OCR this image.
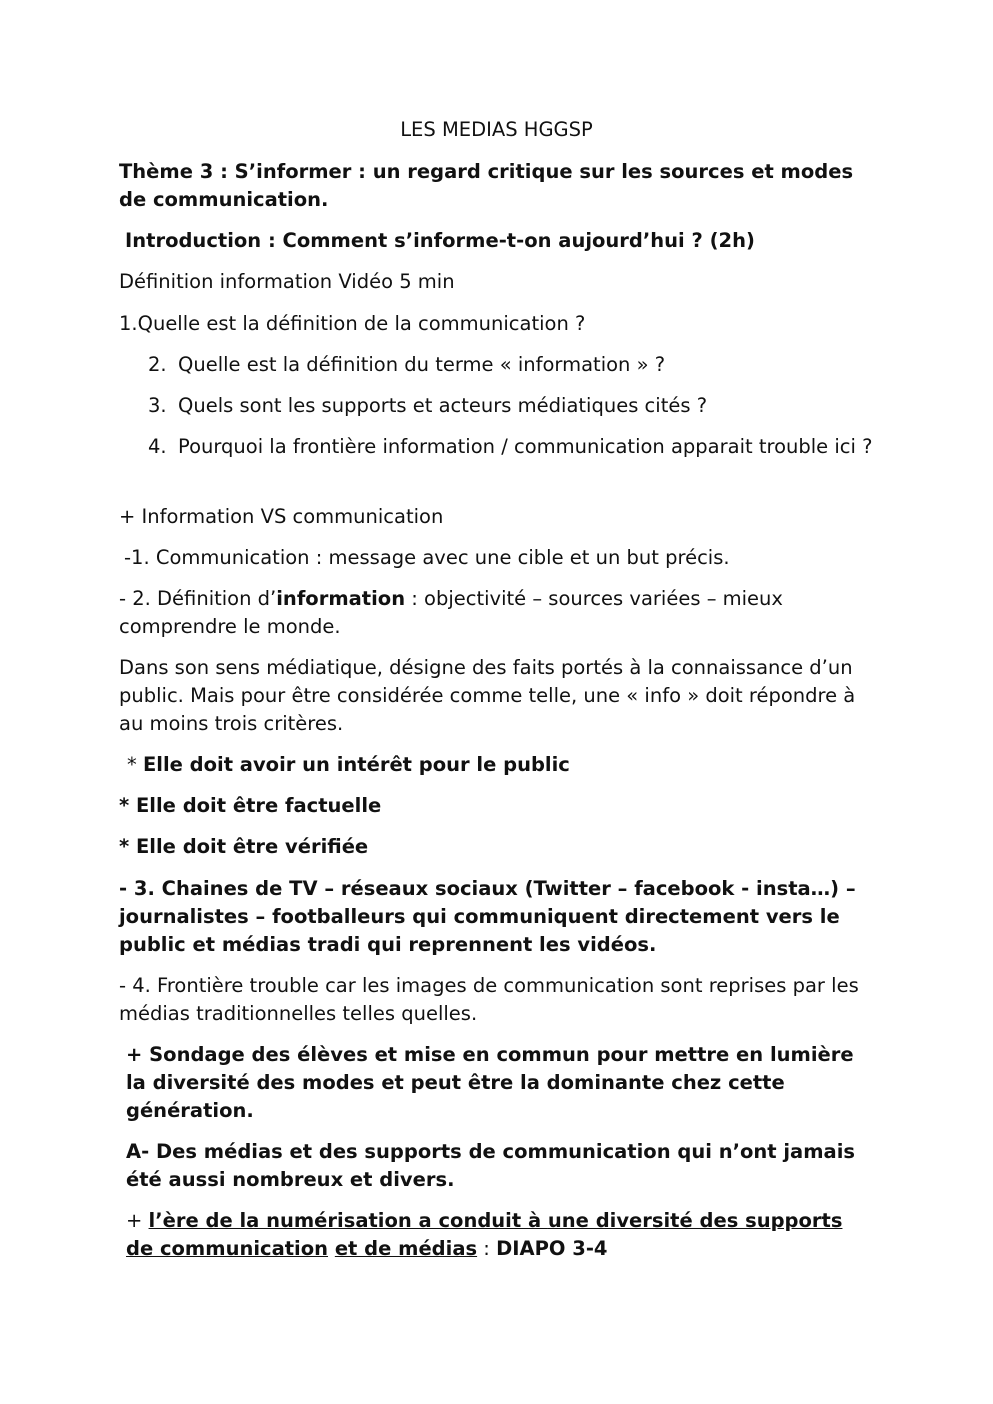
LES MEDIAS HGGSP

Thème 3 : S’informer : un regard critique sur les sources et modes de communication.

Introduction : Comment s’informe-t-on aujourd’hui ? (2h)

Définition information Vidéo 5 min

1.Quelle est la définition de la communication ?

2. Quelle est la définition du terme « information » ?
3. Quels sont les supports et acteurs médiatiques cités ?
4. Pourquoi la frontière information / communication apparait trouble ici ?

+ Information VS communication

-1. Communication : message avec une cible et un but précis.

- 2. Définition d’information : objectivité – sources variées – mieux comprendre le monde.

Dans son sens médiatique, désigne des faits portés à la connaissance d’un public. Mais pour être considérée comme telle, une « info » doit répondre à au moins trois critères.

* Elle doit avoir un intérêt pour le public

* Elle doit être factuelle

* Elle doit être vérifiée

- 3. Chaines de TV – réseaux sociaux (Twitter – facebook - insta…) – journalistes – footballeurs qui communiquent directement vers le public et médias tradi qui reprennent les vidéos.

- 4. Frontière trouble car les images de communication sont reprises par les médias traditionnelles telles quelles.

+ Sondage des élèves et mise en commun pour mettre en lumière la diversité des modes et peut être la dominante chez cette génération.

A- Des médias et des supports de communication qui n’ont jamais été aussi nombreux et divers.

+ l’ère de la numérisation a conduit à une diversité des supports de communication et de médias : DIAPO 3-4
